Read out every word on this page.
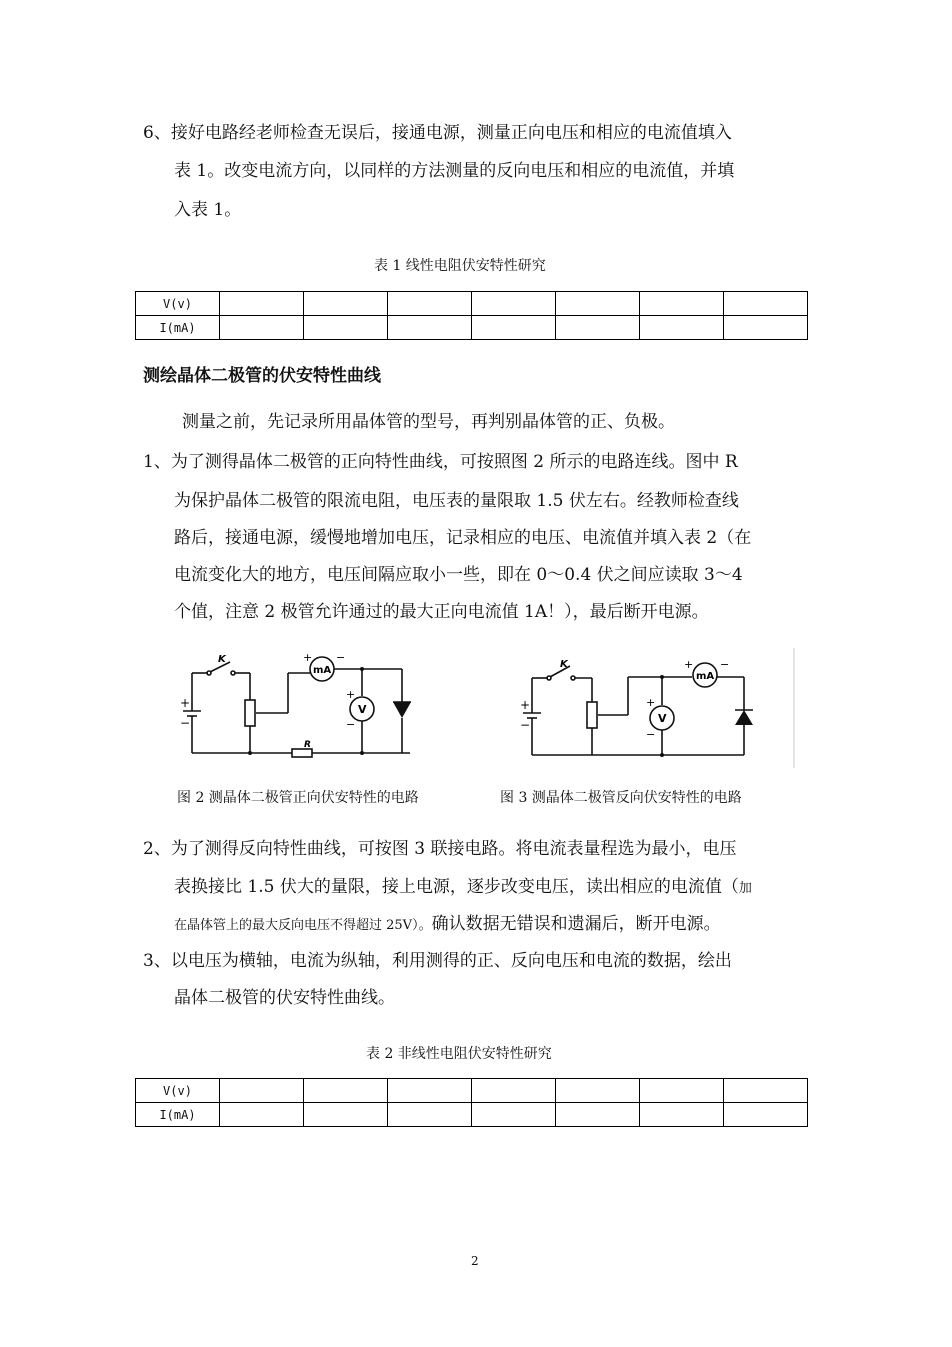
6、接好电路经老师检查无误后，接通电源，测量正向电压和相应的电流值填入
表 1。改变电流方向，以同样的方法测量的反向电压和相应的电流值，并填
入表 1。
表 1 线性电阻伏安特性研究
V(v)							
I(mA)							
测绘晶体二极管的伏安特性曲线
测量之前，先记录所用晶体管的型号，再判别晶体管的正、负极。
1、为了测得晶体二极管的正向特性曲线，可按照图 2 所示的电路连线。图中 R
为保护晶体二极管的限流电阻，电压表的量限取 1.5 伏左右。经教师检查线
路后，接通电源，缓慢地增加电压，记录相应的电压、电流值并填入表 2（在
电流变化大的地方，电压间隔应取小一些，即在 0～0.4 伏之间应读取 3～4
个值，注意 2 极管允许通过的最大正向电流值 1A！），最后断开电源。
K
mA
V
R
+
−
+ −
+
−
K
mA
V
+
−
+ −
+
−
图 2 测晶体二极管正向伏安特性的电路	图 3 测晶体二极管反向伏安特性的电路
2、为了测得反向特性曲线，可按图 3 联接电路。将电流表量程选为最小，电压
表换接比 1.5 伏大的量限，接上电源，逐步改变电压，读出相应的电流值（加
在晶体管上的最大反向电压不得超过 25V）。确认数据无错误和遗漏后，断开电源。
3、以电压为横轴，电流为纵轴，利用测得的正、反向电压和电流的数据，绘出
晶体二极管的伏安特性曲线。
表 2 非线性电阻伏安特性研究
V(v)							
I(mA)							
2
